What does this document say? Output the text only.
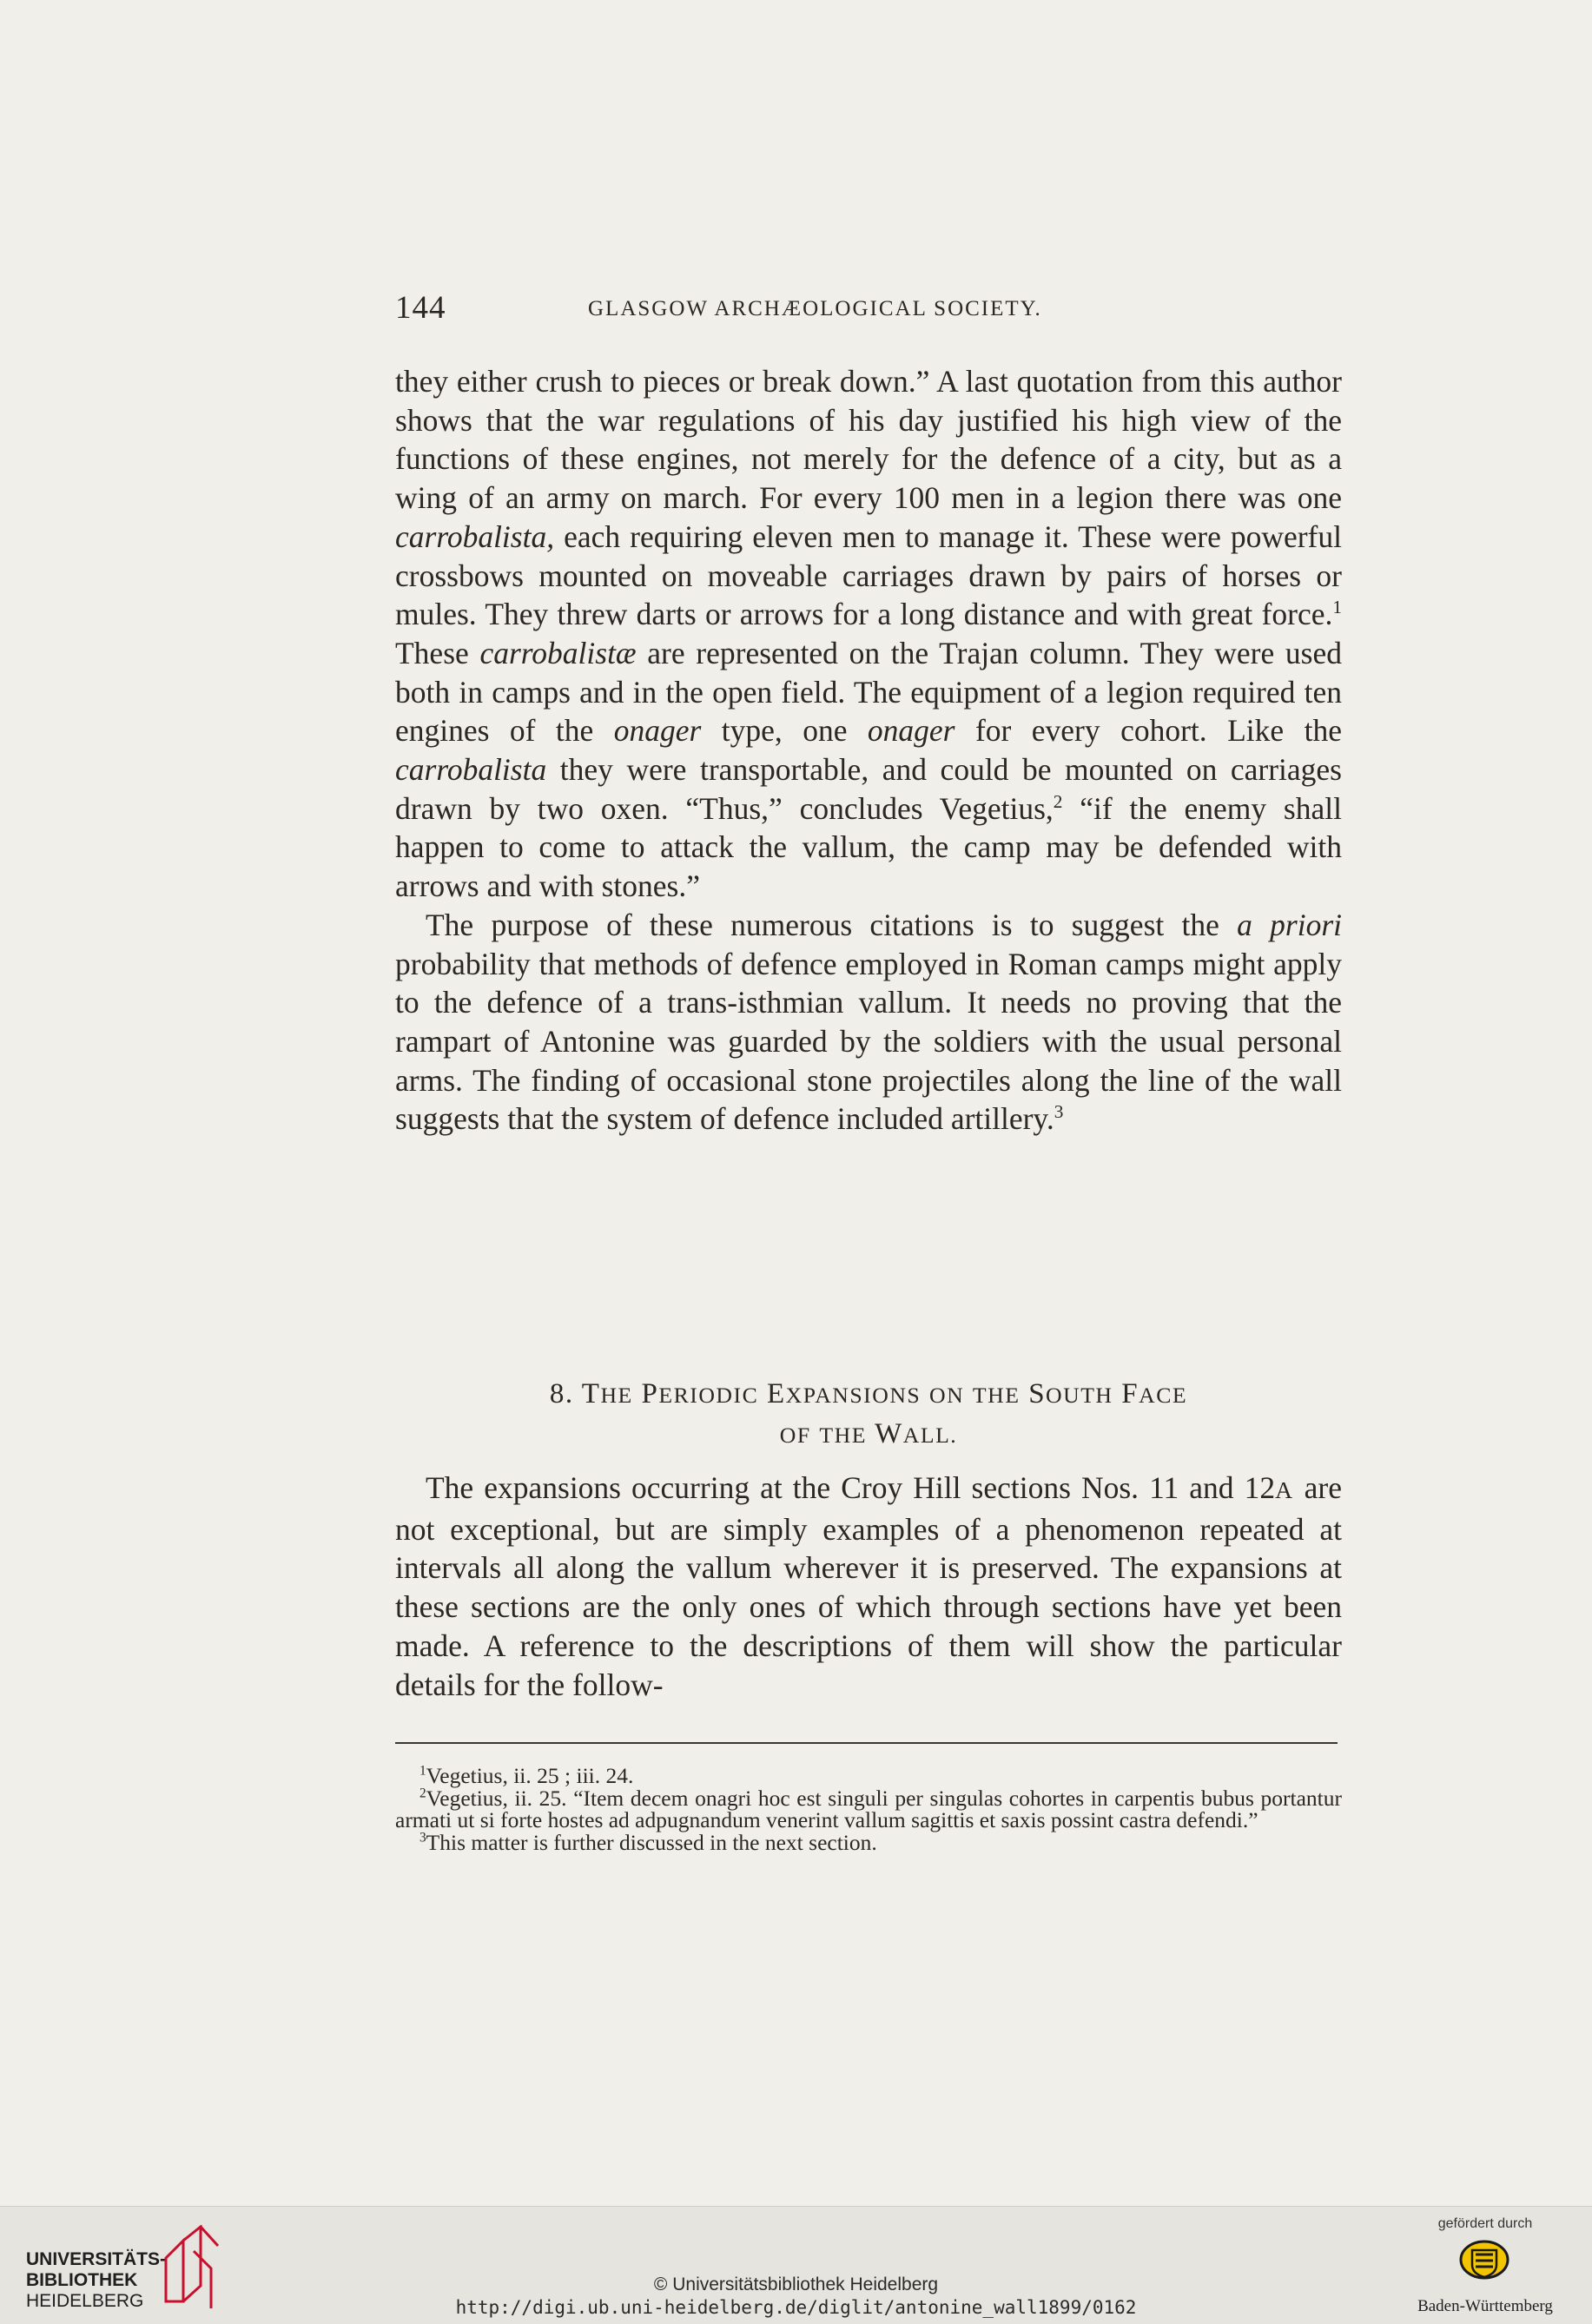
144	GLASGOW ARCHÆOLOGICAL SOCIETY.

they either crush to pieces or break down.” A last quotation from this author shows that the war regulations of his day justified his high view of the functions of these engines, not merely for the defence of a city, but as a wing of an army on march. For every 100 men in a legion there was one carrobalista, each requiring eleven men to manage it. These were powerful crossbows mounted on moveable carriages drawn by pairs of horses or mules. They threw darts or arrows for a long distance and with great force.$^1$ These carrobalistæ are represented on the Trajan column. They were used both in camps and in the open field. The equipment of a legion required ten engines of the onager type, one onager for every cohort. Like the carrobalista they were transportable, and could be mounted on carriages drawn by two oxen. “Thus,” concludes Vegetius,$^2$ “if the enemy shall happen to come to attack the vallum, the camp may be defended with arrows and with stones.”

The purpose of these numerous citations is to suggest the a priori probability that methods of defence employed in Roman camps might apply to the defence of a trans-isthmian vallum. It needs no proving that the rampart of Antonine was guarded by the soldiers with the usual personal arms. The finding of occasional stone projectiles along the line of the wall suggests that the system of defence included artillery.$^3$

8. THE PERIODIC EXPANSIONS ON THE SOUTH FACE
OF THE WALL.

The expansions occurring at the Croy Hill sections Nos. 11 and 12A are not exceptional, but are simply examples of a phenomenon repeated at intervals all along the vallum wherever it is preserved. The expansions at these sections are the only ones of which through sections have yet been made. A reference to the descriptions of them will show the particular details for the follow-

$^1$Vegetius, ii. 25 ; iii. 24.

$^2$Vegetius, ii. 25. “Item decem onagri hoc est singuli per singulas cohortes in carpentis bubus portantur armati ut si forte hostes ad adpugnandum venerint vallum sagittis et saxis possint castra defendi.”

$^3$This matter is further discussed in the next section.

UNIVERSITÄTS-
BIBLIOTHEK
HEIDELBERG
© Universitätsbibliothek Heidelberg
http://digi.ub.uni-heidelberg.de/diglit/antonine_wall1899/0162
gefördert durch
Baden-Württemberg
